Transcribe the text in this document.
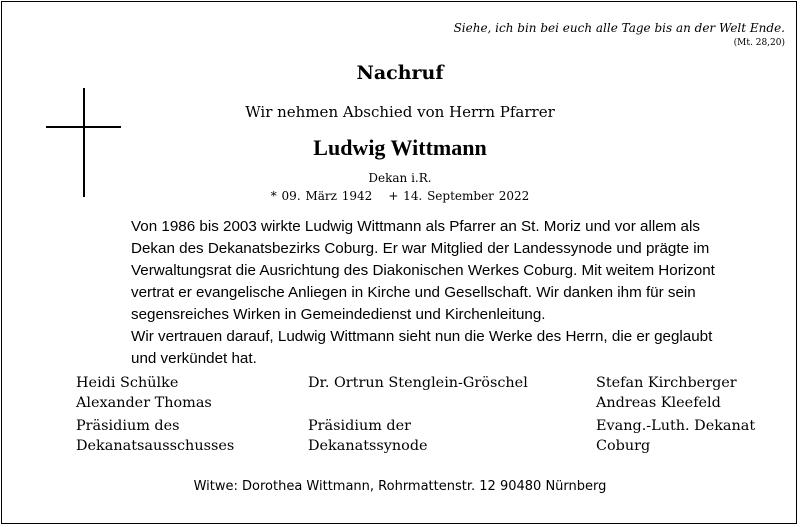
Siehe, ich bin bei euch alle Tage bis an der Welt Ende.
(Mt. 28,20)
Nachruf
Wir nehmen Abschied von Herrn Pfarrer
Ludwig Wittmann
Dekan i.R.
* 09. März 1942 + 14. September 2022
Von 1986 bis 2003 wirkte Ludwig Wittmann als Pfarrer an St. Moriz und vor allem als
Dekan des Dekanatsbezirks Coburg. Er war Mitglied der Landessynode und prägte im
Verwaltungsrat die Ausrichtung des Diakonischen Werkes Coburg. Mit weitem Horizont
vertrat er evangelische Anliegen in Kirche und Gesellschaft. Wir danken ihm für sein
segensreiches Wirken in Gemeindedienst und Kirchenleitung.
Wir vertrauen darauf, Ludwig Wittmann sieht nun die Werke des Herrn, die er geglaubt
und verkündet hat.
Heidi Schülke
Alexander Thomas
Dr. Ortrun Stenglein-Gröschel	Stefan Kirchberger
Andreas Kleefeld
Präsidium des
Dekanatsausschusses
Präsidium der
Dekanatssynode
Evang.-Luth. Dekanat
Coburg
Witwe: Dorothea Wittmann, Rohrmattenstr. 12 90480 Nürnberg
